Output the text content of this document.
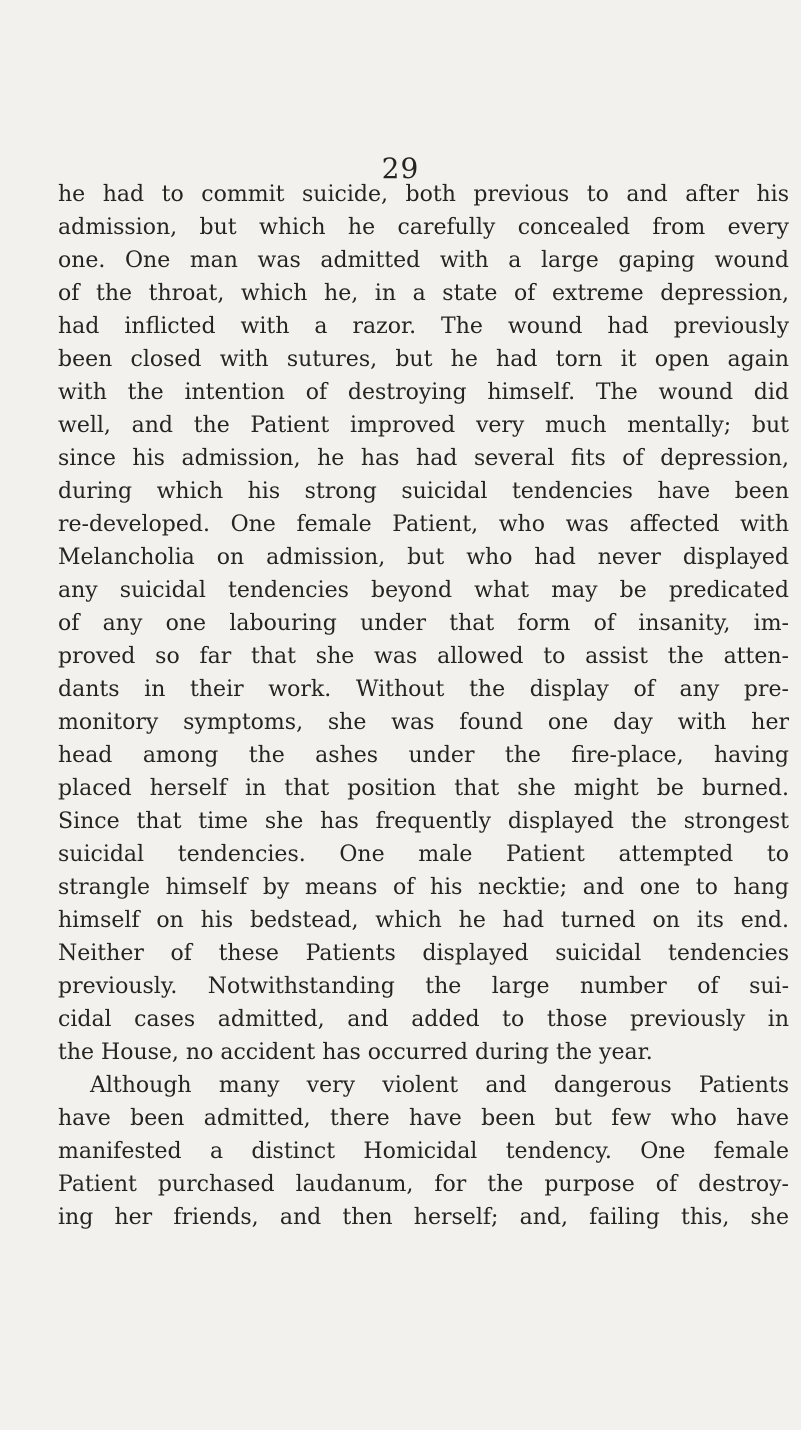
29
he had to commit suicide, both previous to and after his
admission, but which he carefully concealed from every
one. One man was admitted with a large gaping wound
of the throat, which he, in a state of extreme depression,
had inflicted with a razor. The wound had previously
been closed with sutures, but he had torn it open again
with the intention of destroying himself. The wound did
well, and the Patient improved very much mentally; but
since his admission, he has had several fits of depression,
during which his strong suicidal tendencies have been
re-developed. One female Patient, who was affected with
Melancholia on admission, but who had never displayed
any suicidal tendencies beyond what may be predicated
of any one labouring under that form of insanity, im-
proved so far that she was allowed to assist the atten-
dants in their work. Without the display of any pre-
monitory symptoms, she was found one day with her
head among the ashes under the fire-place, having
placed herself in that position that she might be burned.
Since that time she has frequently displayed the strongest
suicidal tendencies. One male Patient attempted to
strangle himself by means of his necktie; and one to hang
himself on his bedstead, which he had turned on its end.
Neither of these Patients displayed suicidal tendencies
previously. Notwithstanding the large number of sui-
cidal cases admitted, and added to those previously in
the House, no accident has occurred during the year.
Although many very violent and dangerous Patients
have been admitted, there have been but few who have
manifested a distinct Homicidal tendency. One female
Patient purchased laudanum, for the purpose of destroy-
ing her friends, and then herself; and, failing this, she
